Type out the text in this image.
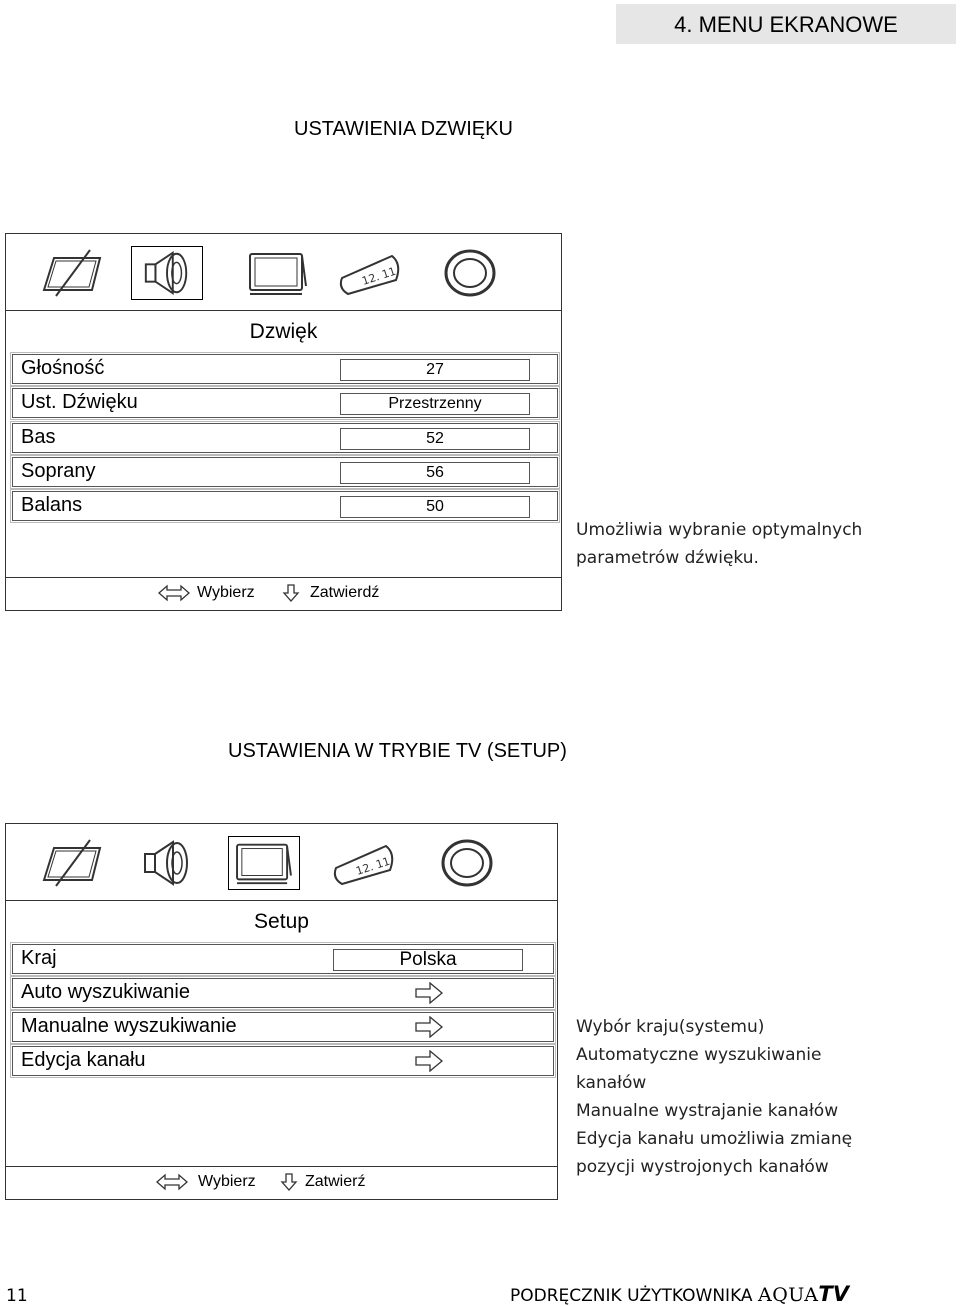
4. MENU EKRANOWE
USTAWIENIA DZWIĘKU
12. 11
Dzwięk
Głośność	27
Ust. Dźwięku	Przestrzenny
Bas	52
Soprany	56
Balans	50
Wybierz	Zatwierdź
Umożliwia wybranie optymalnych
parametrów dźwięku.
USTAWIENIA W TRYBIE TV (SETUP)
12. 11
Setup
Kraj	Polska
Auto wyszukiwanie
Manualne wyszukiwanie
Edycja kanału
Wybierz	Zatwierź
Wybór kraju(systemu)
Automatyczne wyszukiwanie
kanałów
Manualne wystrajanie kanałów
Edycja kanału umożliwia zmianę
pozycji wystrojonych kanałów
11	PODRĘCZNIK UŻYTKOWNIKA AQUATV
